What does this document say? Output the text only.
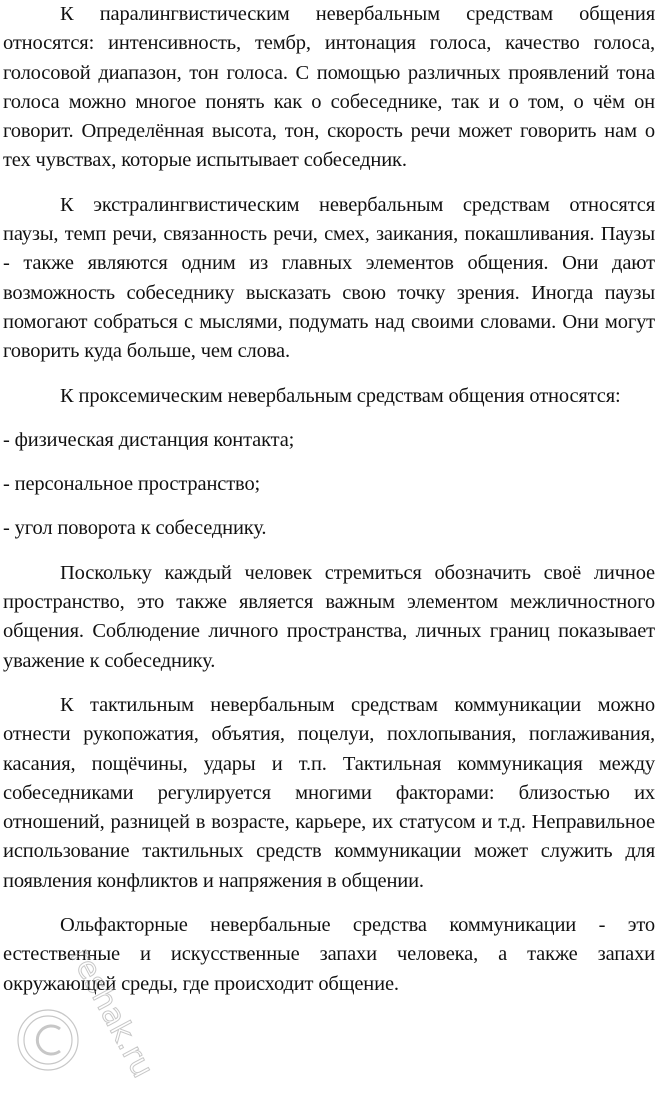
К паралингвистическим невербальным средствам общения относятся: интенсивность, тембр, интонация голоса, качество голоса, голосовой диапазон, тон голоса. С помощью различных проявлений тона голоса можно многое понять как о собеседнике, так и о том, о чём он говорит. Определённая высота, тон, скорость речи может говорить нам о тех чувствах, которые испытывает собеседник.

К экстралингвистическим невербальным средствам относятся паузы, темп речи, связанность речи, смех, заикания, покашливания. Паузы - также являются одним из главных элементов общения. Они дают возможность собеседнику высказать свою точку зрения. Иногда паузы помогают собраться с мыслями, подумать над своими словами. Они могут говорить куда больше, чем слова.

К проксемическим невербальным средствам общения относятся:

- физическая дистанция контакта;

- персональное пространство;

- угол поворота к собеседнику.

Поскольку каждый человек стремиться обозначить своё личное пространство, это также является важным элементом межличностного общения. Соблюдение личного пространства, личных границ показывает уважение к собеседнику.

К тактильным невербальным средствам коммуникации можно отнести рукопожатия, объятия, поцелуи, похлопывания, поглаживания, касания, пощёчины, удары и т.п. Тактильная коммуникация между собеседниками регулируется многими факторами: близостью их отношений, разницей в возрасте, карьере, их статусом и т.д. Неправильное использование тактильных средств коммуникации может служить для появления конфликтов и напряжения в общении.

Ольфакторные невербальные средства коммуникации - это естественные и искусственные запахи человека, а также запахи окружающей среды, где происходит общение.

reshak.ru
